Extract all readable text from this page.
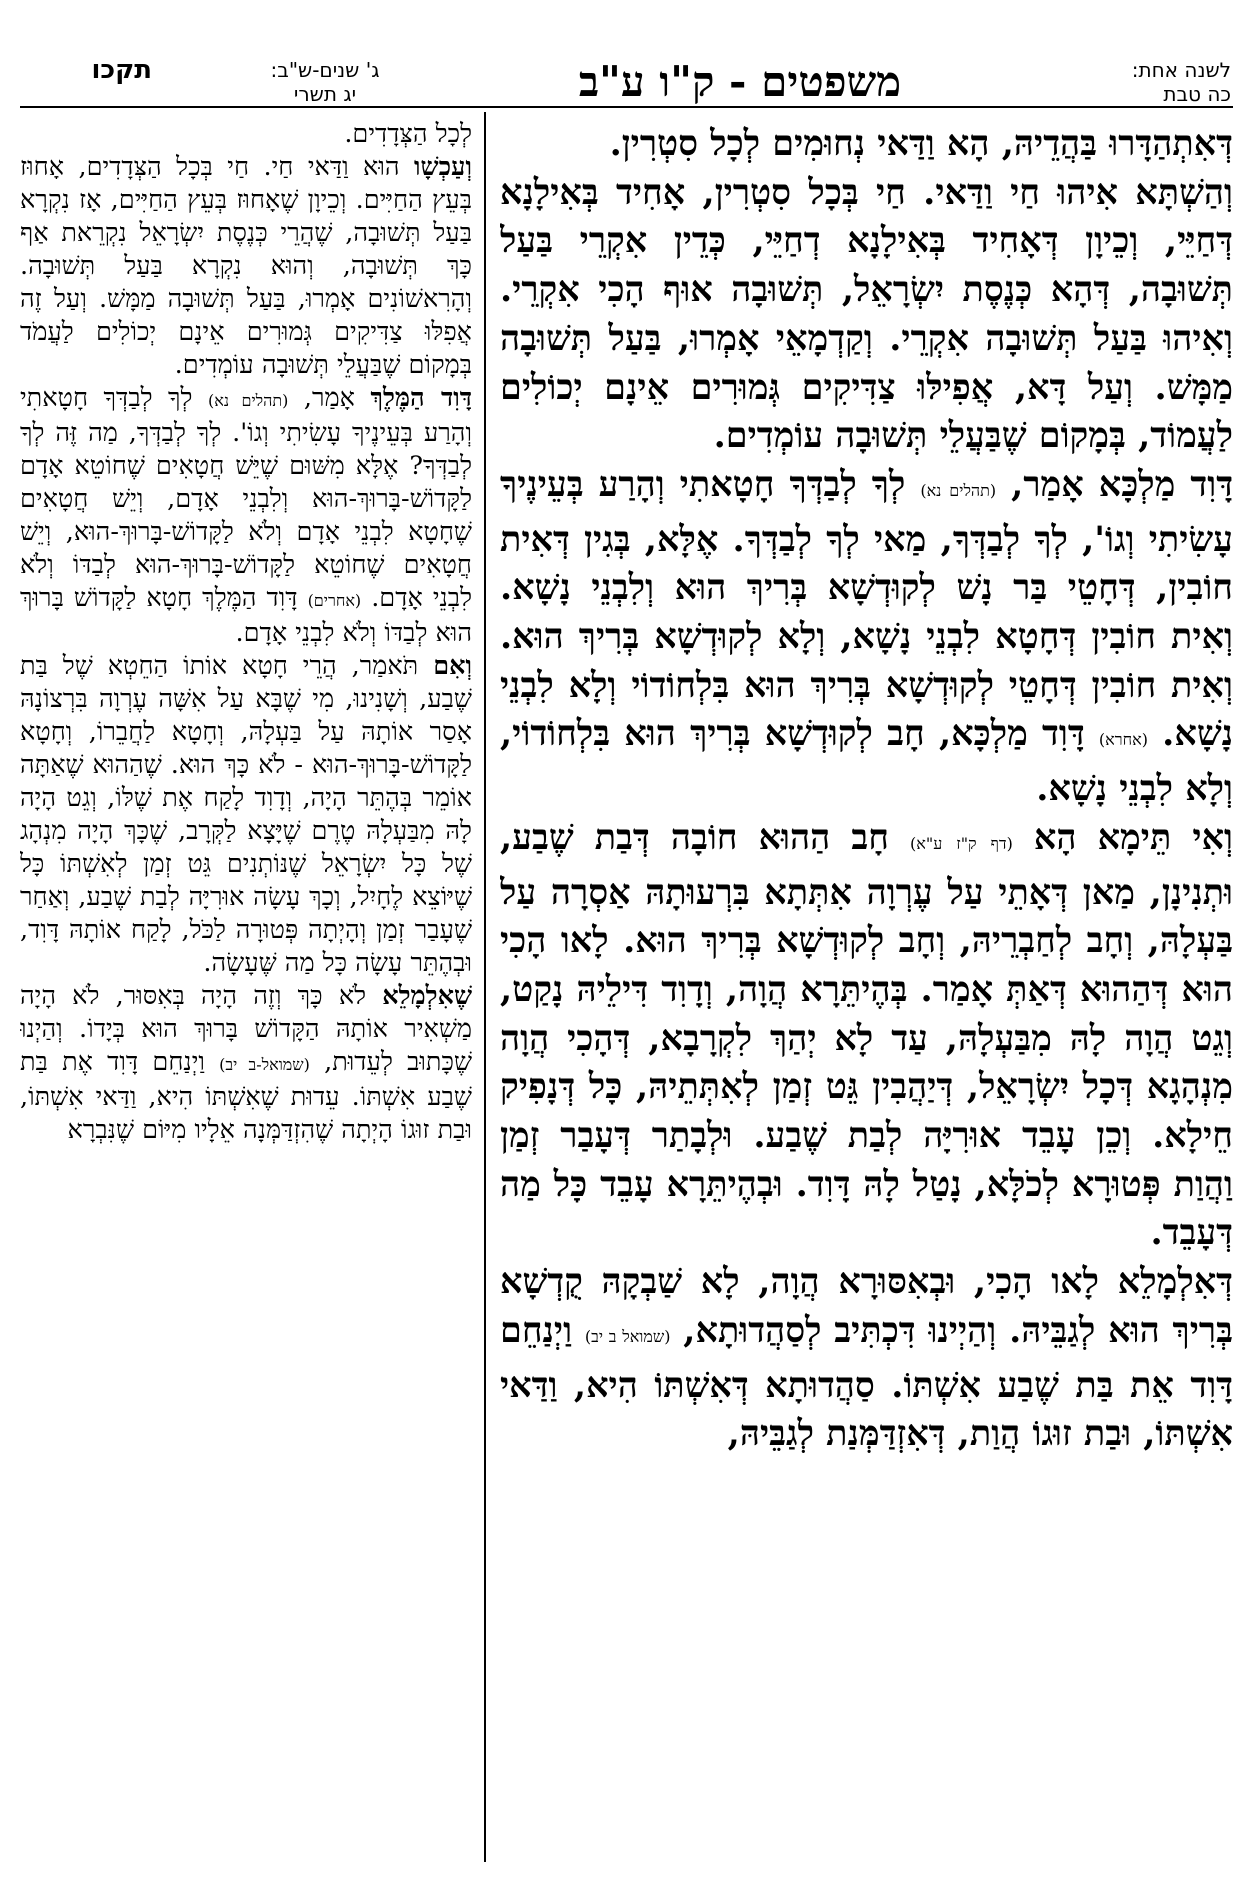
תקכו	ג' שנים-ש"ב:
יג תשרי	משפטים - ק"ו ע"ב	לשנה אחת:
כה טבת

דְּאִתְהַדָּרוּ בַּהֲדֵיהּ, הָא וַדַּאי נְחוּמִים לְכָל סִטְרִין.

וְהַשְׁתָּא אִיהוּ חַי וַדַּאי. חַי בְּכָל סִטְרִין, אָחִיד בְּאִילָנָא דְּחַיֵּי, וְכֵיוָן דְּאָחִיד בְּאִילָנָא דְחַיֵּי, כְּדֵין אִקְרֵי בַּעַל תְּשׁוּבָה, דְּהָא כְּנֶסֶת יִשְׂרָאֵל, תְּשׁוּבָה אוּף הָכִי אִקְרֵי. וְאִיהוּ בַּעַל תְּשׁוּבָה אִקְרֵי. וְקַדְמָאֵי אָמְרוּ, בַּעַל תְּשׁוּבָה מַמָּשׁ. וְעַל דָּא, אֲפִילּוּ צַדִּיקִים גְּמוּרִים אֵינָם יְכוֹלִים לַעֲמוֹד, בְּמָקוֹם שֶׁבַּעֲלֵי תְּשׁוּבָה עוֹמְדִים.

דָּוִד מַלְכָּא אָמַר, (תהלים נא) לְךָ לְבַדְּךָ חָטָאתִי וְהָרַע בְּעֵינֶיךָ עָשִׂיתִי וְגוֹ', לְךָ לְבַדְּךָ, מַאי לְךָ לְבַדְּךָ. אֶלָּא, בְּגִין דְּאִית חוֹבִין, דְּחָטֵי בַּר נָשׁ לְקוּדְשָׁא בְּרִיךְ הוּא וְלִבְנֵי נָשָׁא. וְאִית חוֹבִין דְּחָטָא לִבְנֵי נָשָׁא, וְלָא לְקוּדְשָׁא בְּרִיךְ הוּא. וְאִית חוֹבִין דְּחָטֵי לְקוּדְשָׁא בְּרִיךְ הוּא בִּלְחוֹדוֹי וְלָא לִבְנֵי נָשָׁא. (אחרא) דָּוִד מַלְכָּא, חָב לְקוּדְשָׁא בְּרִיךְ הוּא בִּלְחוֹדוֹי, וְלָא לִבְנֵי נָשָׁא.

וְאִי תֵּימָא הָא (דף ק"ז ע"א) חָב הַהוּא חוֹבָה דְּבַת שֶׁבַע, וּתְנִינָן, מַאן דְּאָתֵי עַל עֶרְוָה אִתְּתָא בִּרְעוּתָהּ אַסְרָה עַל בַּעְלָהּ, וְחָב לְחַבְרֵיהּ, וְחָב לְקוּדְשָׁא בְּרִיךְ הוּא. לָאו הָכִי הוּא דְּהַהוּא דְּאַתְּ אָמַר. בְּהֶיתֵּרָא הֲוָה, וְדָוִד דִּילֵיהּ נָקַט, וְגֵט הֲוָה לָהּ מִבַּעְלָהּ, עַד לָא יְהַךְ לִקְרָבָא, דְּהָכִי הֲוָה מִנְהָגָא דְּכָל יִשְׂרָאֵל, דְּיַהֲבִין גֵּט זְמַן לְאִתְּתֵיהּ, כָּל דְּנָפִיק חֵילָא. וְכֵן עָבֵד אוּרִיָּה לְבַת שֶׁבַע. וּלְבָתַר דְּעָבַר זְמַן וַהֲוַת פְּטוּרָא לְכֹלָּא, נָטַל לָהּ דָּוִד. וּבְהֶיתֵּרָא עָבֵד כָּל מַה דְּעָבֵד.

דְּאִלְמָלֵא לָאו הָכִי, וּבְאִסּוּרָא הֲוָה, לָא שַׁבְקָהּ קֻדְשָׁא בְּרִיךְ הוּא לְגַבֵּיהּ. וְהַיְינוּ דִּכְתִּיב לְסַהֲדוּתָא, (שמואל ב יב) וַיְנַחֵם דָּוִד אֵת בַּת שֶׁבַע אִשְׁתּוֹ. סַהֲדוּתָא דְּאִשְׁתּוֹ הִיא, וַדַּאי אִשְׁתּוֹ, וּבַת זוּגוֹ הֲוַת, דְּאִזְדַּמְּנַת לְגַבֵּיהּ,

לְכָל הַצְּדָדִים.

וְעַכְשָׁו הוּא וַדַּאי חַי. חַי בְּכָל הַצְּדָדִים, אָחוּז בְּעֵץ הַחַיִּים. וְכֵיוָן שֶׁאָחוּז בְּעֵץ הַחַיִּים, אָז נִקְרָא בַּעַל תְּשׁוּבָה, שֶׁהֲרֵי כְּנֶסֶת יִשְׂרָאֵל נִקְרֵאת אַף כָּךְ תְּשׁוּבָה, וְהוּא נִקְרָא בַּעַל תְּשׁוּבָה. וְהָרִאשׁוֹנִים אָמְרוּ, בַּעַל תְּשׁוּבָה מַמָּשׁ. וְעַל זֶה אֲפִלּוּ צַדִּיקִים גְּמוּרִים אֵינָם יְכוֹלִים לַעֲמֹד בְּמָקוֹם שֶׁבַּעֲלֵי תְּשׁוּבָה עוֹמְדִים.

דָּוִד הַמֶּלֶךְ אָמַר, (תהלים נא) לְךָ לְבַדְּךָ חָטָאתִי וְהָרַע בְּעֵינֶיךָ עָשִׂיתִי וְגוֹ'. לְךָ לְבַדְּךָ, מַה זֶּה לְךָ לְבַדְּךָ? אֶלָּא מִשּׁוּם שֶׁיֵּשׁ חֲטָאִים שֶׁחוֹטֵא אָדָם לַקָּדוֹשׁ-בָּרוּךְ-הוּא וְלִבְנֵי אָדָם, וְיֵשׁ חֲטָאִים שֶׁחָטָא לִבְנֵי אָדָם וְלֹא לַקָּדוֹשׁ-בָּרוּךְ-הוּא, וְיֵשׁ חֲטָאִים שֶׁחוֹטֵא לַקָּדוֹשׁ-בָּרוּךְ-הוּא לְבַדּוֹ וְלֹא לִבְנֵי אָדָם. (אחרים) דָּוִד הַמֶּלֶךְ חָטָא לַקָּדוֹשׁ בָּרוּךְ הוּא לְבַדּוֹ וְלֹא לִבְנֵי אָדָם.

וְאִם תֹּאמַר, הֲרֵי חָטָא אוֹתוֹ הַחֵטְא שֶׁל בַּת שֶׁבַע, וְשָׁנִינוּ, מִי שֶׁבָּא עַל אִשָּׁה עֶרְוָה בִּרְצוֹנָהּ אָסַר אוֹתָהּ עַל בַּעְלָהּ, וְחָטָא לַחֲבֵרוֹ, וְחָטָא לַקָּדוֹשׁ-בָּרוּךְ-הוּא - לֹא כָּךְ הוּא. שֶׁהַהוּא שֶׁאַתָּה אוֹמֵר בְּהֶתֵּר הָיָה, וְדָוִד לָקַח אֶת שֶׁלּוֹ, וְגֵט הָיָה לָהּ מִבַּעְלָהּ טֶרֶם שֶׁיָּצָא לַקְּרָב, שֶׁכָּךְ הָיָה מִנְהָג שֶׁל כָּל יִשְׂרָאֵל שֶׁנּוֹתְנִים גֵּט זְמַן לְאִשְׁתּוֹ כָּל שֶׁיּוֹצֵא לֶחָיִל, וְכָךְ עָשָׂה אוּרִיָּה לְבַת שֶׁבַע, וְאַחַר שֶׁעָבַר זְמַן וְהָיְתָה פְּטוּרָה לַכֹּל, לָקַח אוֹתָהּ דָּוִד, וּבְהֶתֵּר עָשָׂה כָּל מַה שֶּׁעָשָׂה.

שֶׁאִלְמָלֵא לֹא כָּךְ וְזֶה הָיָה בְּאִסּוּר, לֹא הָיָה מַשְׁאִיר אוֹתָהּ הַקָּדוֹשׁ בָּרוּךְ הוּא בְּיָדוֹ. וְהַיְנוּ שֶׁכָּתוּב לְעֵדוּת, (שמואל-ב יב) וַיְנַחֵם דָּוִד אֶת בַּת שֶׁבַע אִשְׁתּוֹ. עֵדוּת שֶׁאִשְׁתּוֹ הִיא, וַדַּאי אִשְׁתּוֹ, וּבַת זוּגוֹ הָיְתָה שֶׁהִזְדַּמְּנָה אֵלָיו מִיּוֹם שֶׁנִּבְרָא
